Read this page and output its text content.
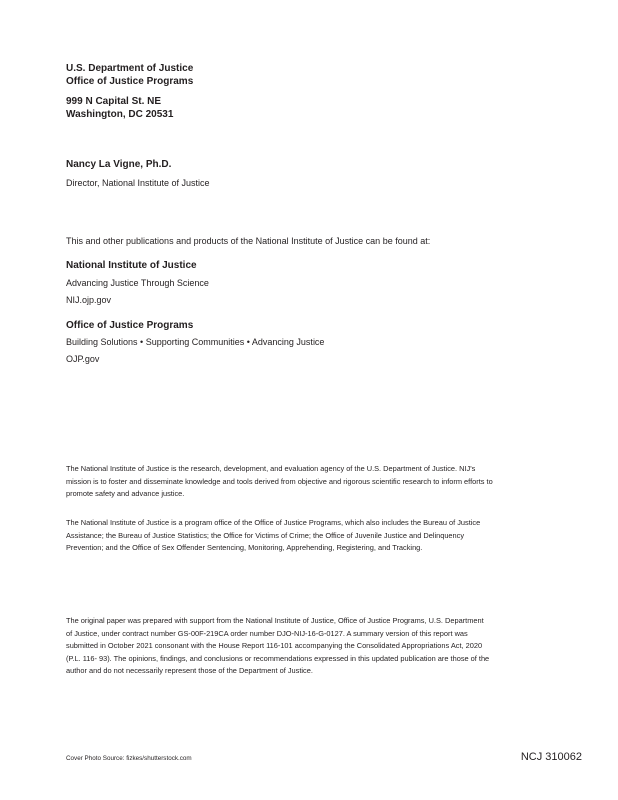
U.S. Department of Justice
Office of Justice Programs
999 N Capital St. NE
Washington, DC 20531
Nancy La Vigne, Ph.D.
Director, National Institute of Justice
This and other publications and products of the National Institute of Justice can be found at:
National Institute of Justice
Advancing Justice Through Science
NIJ.ojp.gov
Office of Justice Programs
Building Solutions • Supporting Communities • Advancing Justice
OJP.gov
The National Institute of Justice is the research, development, and evaluation agency of the U.S. Department of Justice. NIJ's
mission is to foster and disseminate knowledge and tools derived from objective and rigorous scientific research to inform efforts to
promote safety and advance justice.
The National Institute of Justice is a program office of the Office of Justice Programs, which also includes the Bureau of Justice
Assistance; the Bureau of Justice Statistics; the Office for Victims of Crime; the Office of Juvenile Justice and Delinquency
Prevention; and the Office of Sex Offender Sentencing, Monitoring, Apprehending, Registering, and Tracking.
The original paper was prepared with support from the National Institute of Justice, Office of Justice Programs, U.S. Department
of Justice, under contract number GS-00F-219CA order number DJO-NIJ-16-G-0127. A summary version of this report was
submitted in October 2021 consonant with the House Report 116-101 accompanying the Consolidated Appropriations Act, 2020
(P.L. 116- 93). The opinions, findings, and conclusions or recommendations expressed in this updated publication are those of the
author and do not necessarily represent those of the Department of Justice.
Cover Photo Source: fizkes/shutterstock.com	NCJ 310062
